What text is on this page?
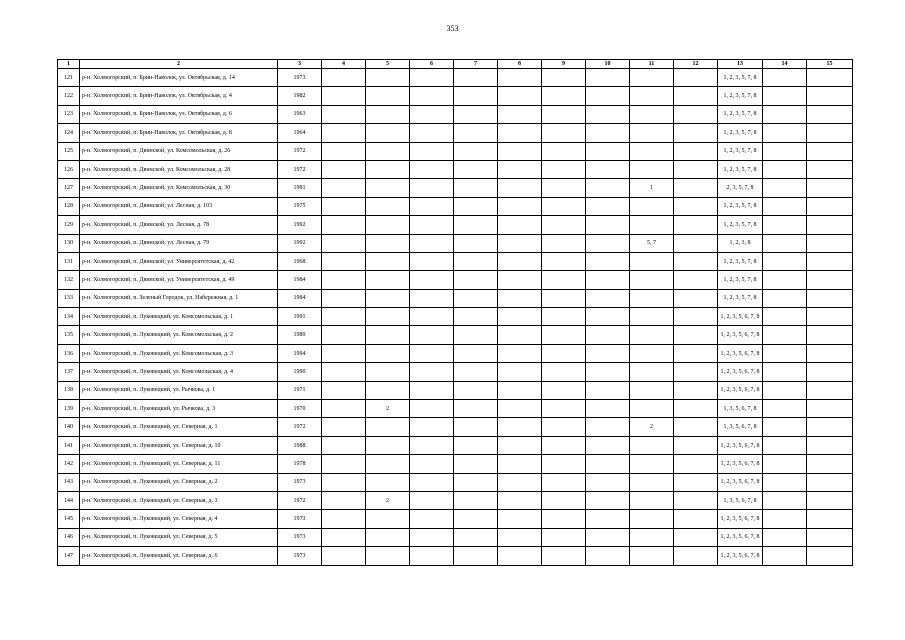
353
1	2	3	4	5	6	7	8	9	10	11	12	13	14	15
121	р-н. Холмогорский, п. Брин-Наволок, ул. Октябрьская, д. 14	1973										1, 2, 3, 5, 7, 8		
122	р-н. Холмогорский, п. Брин-Наволок, ул. Октябрьская, д. 4	1982										1, 2, 3, 5, 7, 8		
123	р-н. Холмогорский, п. Брин-Наволок, ул. Октябрьская, д. 6	1963										1, 2, 3, 5, 7, 8		
124	р-н. Холмогорский, п. Брин-Наволок, ул. Октябрьская, д. 8	1964										1, 2, 3, 5, 7, 8		
125	р-н. Холмогорский, п. Двинской, ул. Комсомольская, д. 26	1972										1, 2, 3, 5, 7, 8		
126	р-н. Холмогорский, п. Двинской, ул. Комсомольская, д. 28	1972										1, 2, 3, 5, 7, 8		
127	р-н. Холмогорский, п. Двинской, ул. Комсомольская, д. 30	1981								1		2, 3, 5, 7, 8		
128	р-н. Холмогорский, п. Двинской, ул. Лесная, д. 103	1975										1, 2, 3, 5, 7, 8		
129	р-н. Холмогорский, п. Двинской, ул. Лесная, д. 78	1992										1, 2, 3, 5, 7, 8		
130	р-н. Холмогорский, п. Двинской, ул. Лесная, д. 79	1992								5, 7		1, 2, 3, 8		
131	р-н. Холмогорский, п. Двинской, ул. Университетская, д. 42	1968										1, 2, 3, 5, 7, 8		
132	р-н. Холмогорский, п. Двинской, ул. Университетская, д. 49	1984										1, 2, 3, 5, 7, 8		
133	р-н. Холмогорский, п. Зеленый Городок, ул. Набережная, д. 1	1984										1, 2, 3, 5, 7, 8		
134	р-н. Холмогорский, п. Луковецкий, ул. Комсомольская, д. 1	1991										1, 2, 3, 5, 6, 7, 8		
135	р-н. Холмогорский, п. Луковецкий, ул. Комсомольская, д. 2	1989										1, 2, 3, 5, 6, 7, 8		
136	р-н. Холмогорский, п. Луковецкий, ул. Комсомольская, д. 3	1994										1, 2, 3, 5, 6, 7, 8		
137	р-н. Холмогорский, п. Луковецкий, ул. Комсомольская, д. 4	1990										1, 2, 3, 5, 6, 7, 8		
138	р-н. Холмогорский, п. Луковецкий, ул. Рычкова, д. 1	1971										1, 2, 3, 5, 6, 7, 8		
139	р-н. Холмогорский, п. Луковецкий, ул. Рычкова, д. 3	1970		2								1, 3, 5, 6, 7, 8		
140	р-н. Холмогорский, п. Луковецкий, ул. Северная, д. 1	1972								2		1, 3, 5, 6, 7, 8		
141	р-н. Холмогорский, п. Луковецкий, ул. Северная, д. 10	1988										1, 2, 3, 5, 6, 7, 8		
142	р-н. Холмогорский, п. Луковецкий, ул. Северная, д. 11	1978										1, 2, 3, 5, 6, 7, 8		
143	р-н. Холмогорский, п. Луковецкий, ул. Северная, д. 2	1973										1, 2, 3, 5, 6, 7, 8		
144	р-н. Холмогорский, п. Луковецкий, ул. Северная, д. 3	1972		2								1, 3, 5, 6, 7, 8		
145	р-н. Холмогорский, п. Луковецкий, ул. Северная, д. 4	1973										1, 2, 3, 5, 6, 7, 8		
146	р-н. Холмогорский, п. Луковецкий, ул. Северная, д. 5	1973										1, 2, 3, 5, 6, 7, 8		
147	р-н. Холмогорский, п. Луковецкий, ул. Северная, д. 6	1973										1, 2, 3, 5, 6, 7, 8		
